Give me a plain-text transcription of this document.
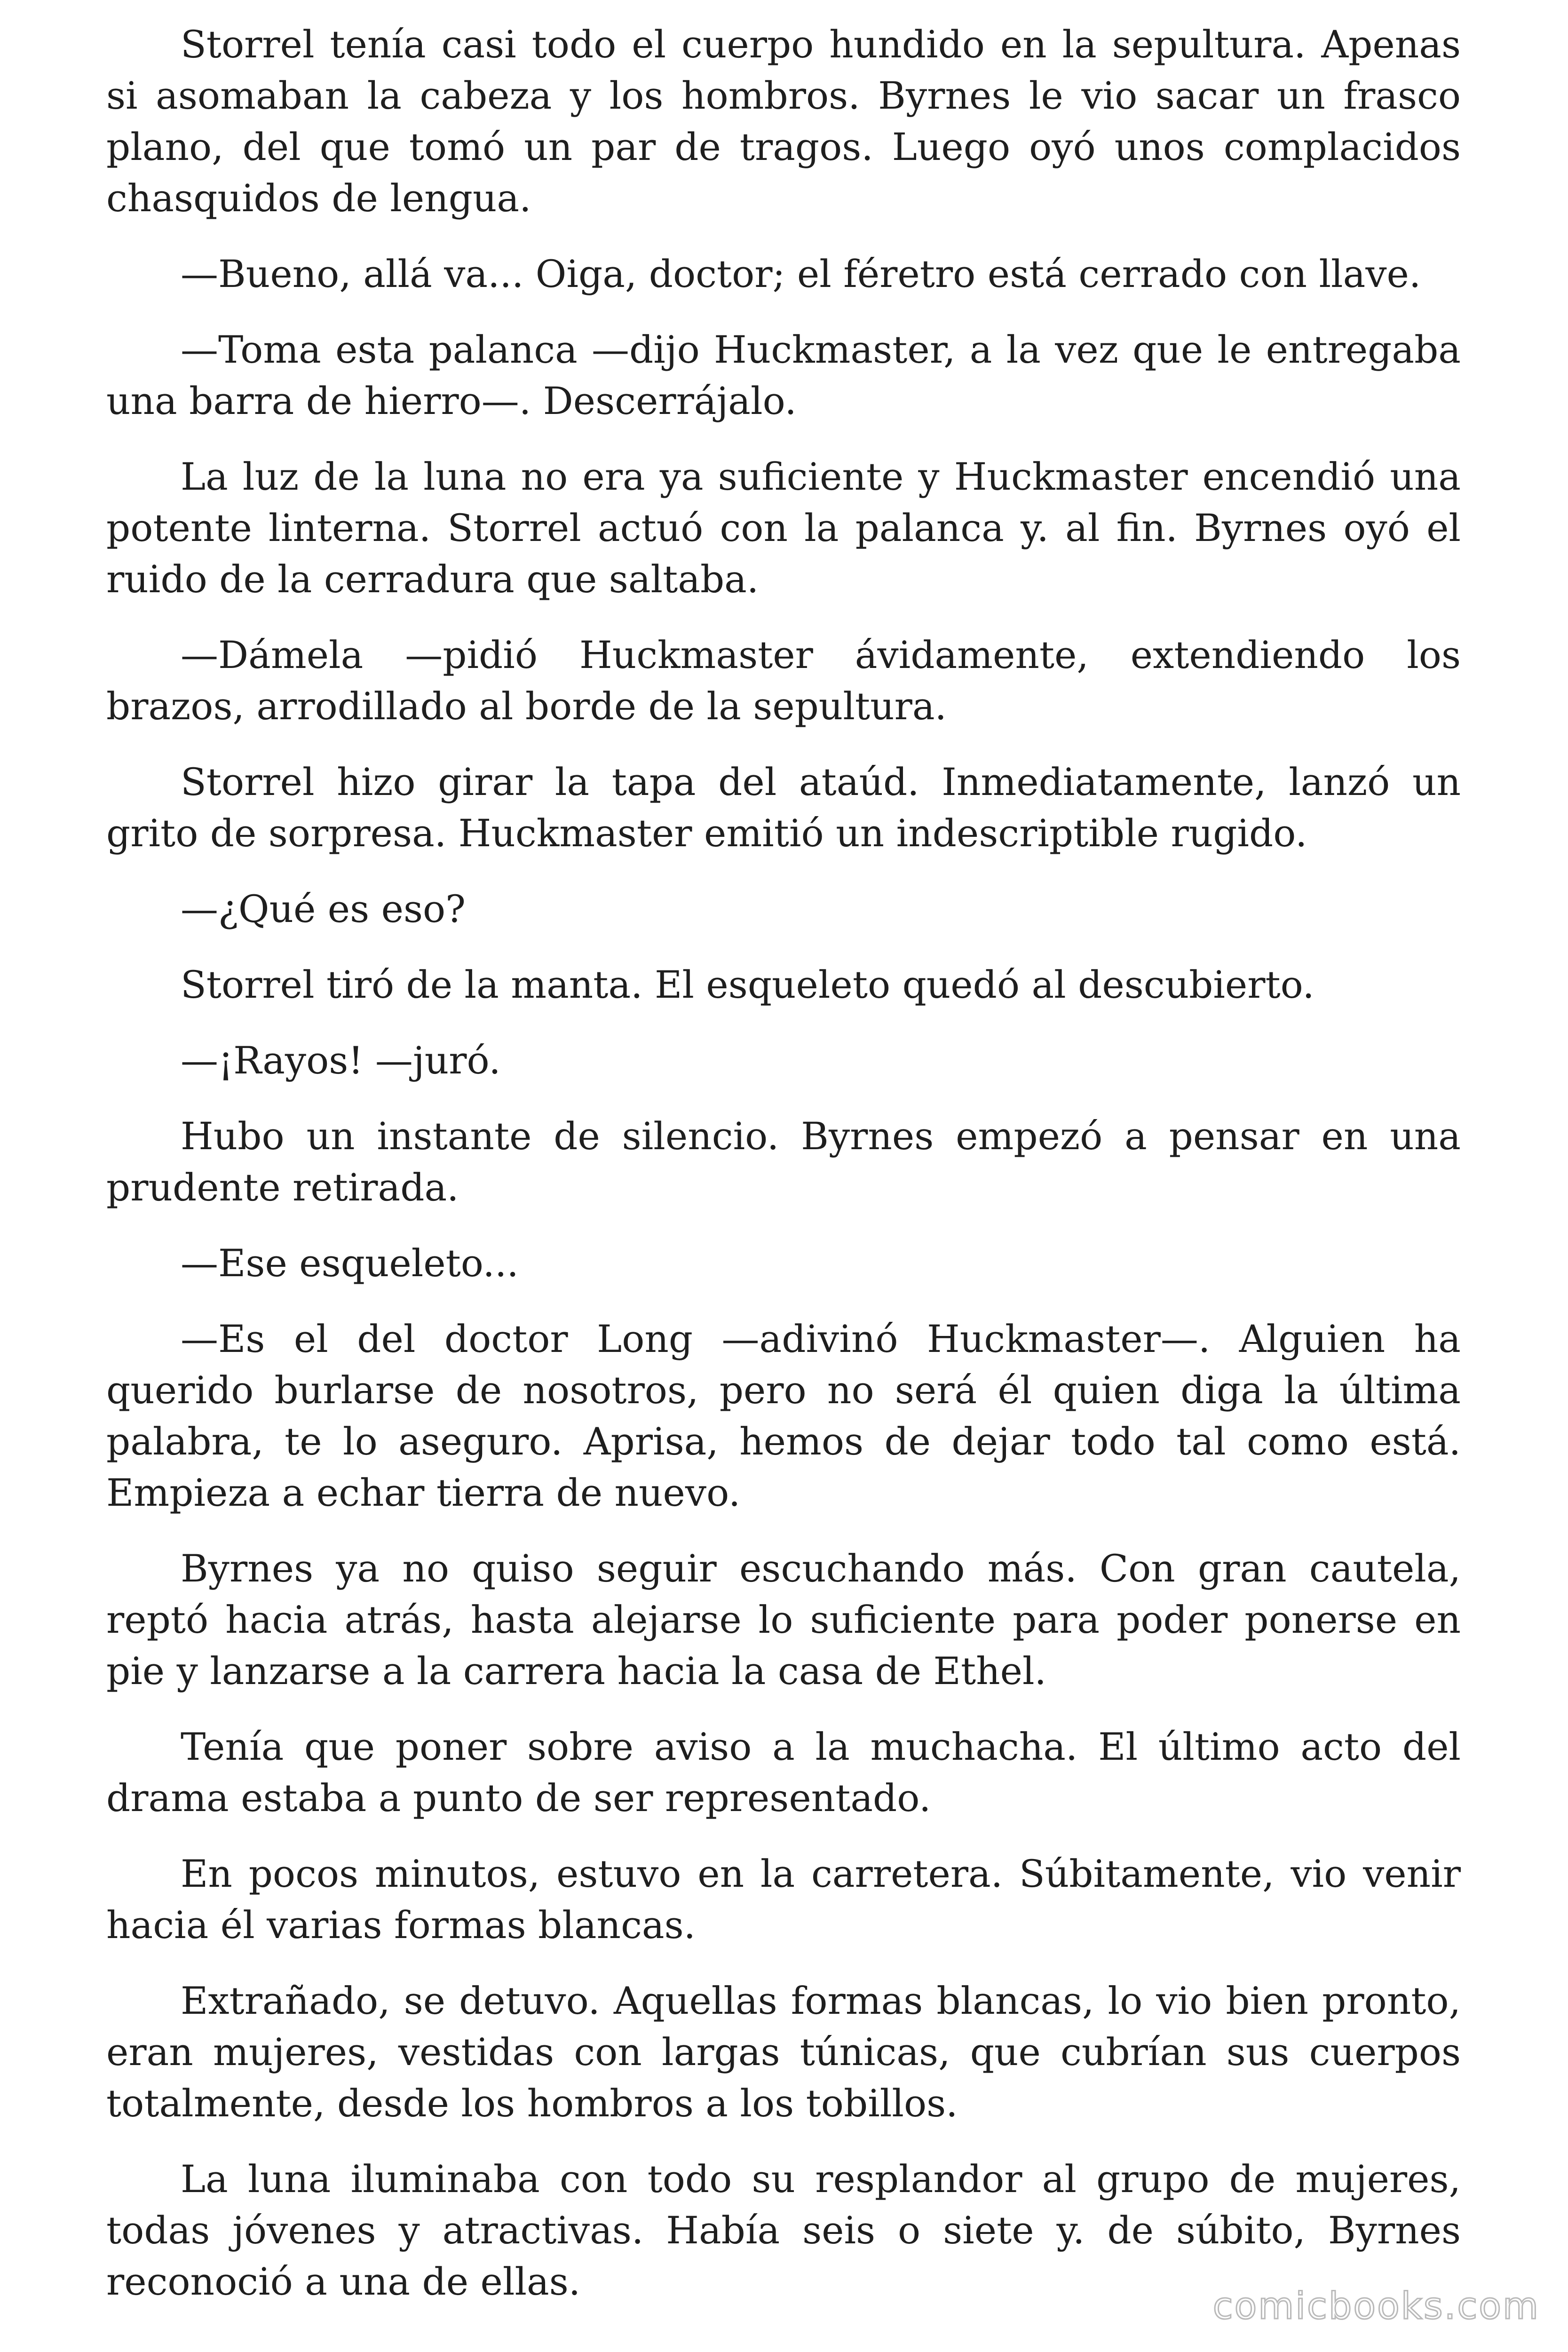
Storrel tenía casi todo el cuerpo hundido en la sepultura. Apenas si asomaban la cabeza y los hombros. Byrnes le vio sacar un frasco plano, del que tomó un par de tragos. Luego oyó unos complacidos chasquidos de lengua.

—Bueno, allá va... Oiga, doctor; el féretro está cerrado con llave.

—Toma esta palanca —dijo Huckmaster, a la vez que le entregaba una barra de hierro—. Descerrájalo.

La luz de la luna no era ya suficiente y Huckmaster encendió una potente linterna. Storrel actuó con la palanca y. al fin. Byrnes oyó el ruido de la cerradura que saltaba.

—Dámela —pidió Huckmaster ávidamente, extendiendo los brazos, arrodillado al borde de la sepultura.

Storrel hizo girar la tapa del ataúd. Inmediatamente, lanzó un grito de sorpresa. Huckmaster emitió un indescriptible rugido.

—¿Qué es eso?

Storrel tiró de la manta. El esqueleto quedó al descubierto.

—¡Rayos! —juró.

Hubo un instante de silencio. Byrnes empezó a pensar en una prudente retirada.

—Ese esqueleto...

—Es el del doctor Long —adivinó Huckmaster—. Alguien ha querido burlarse de nosotros, pero no será él quien diga la última palabra, te lo aseguro. Aprisa, hemos de dejar todo tal como está. Empieza a echar tierra de nuevo.

Byrnes ya no quiso seguir escuchando más. Con gran cautela, reptó hacia atrás, hasta alejarse lo suficiente para poder ponerse en pie y lanzarse a la carrera hacia la casa de Ethel.

Tenía que poner sobre aviso a la muchacha. El último acto del drama estaba a punto de ser representado.

En pocos minutos, estuvo en la carretera. Súbitamente, vio venir hacia él varias formas blancas.

Extrañado, se detuvo. Aquellas formas blancas, lo vio bien pronto, eran mujeres, vestidas con largas túnicas, que cubrían sus cuerpos totalmente, desde los hombros a los tobillos.

La luna iluminaba con todo su resplandor al grupo de mujeres, todas jóvenes y atractivas. Había seis o siete y. de súbito, Byrnes reconoció a una de ellas.

comicbooks.com
